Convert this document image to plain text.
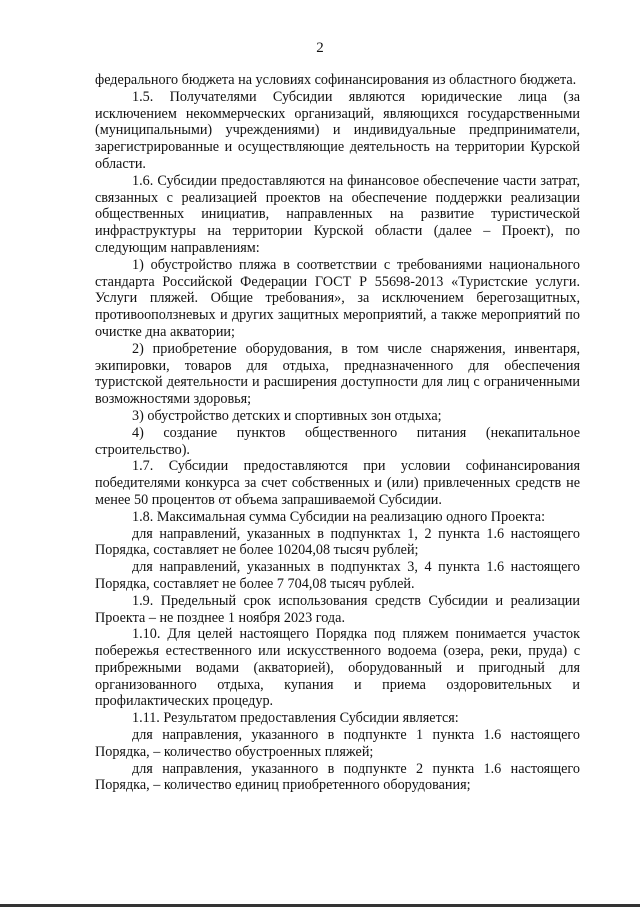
2

федерального бюджета на условиях софинансирования из областного бюджета.

1.5. Получателями Субсидии являются юридические лица (за исключением некоммерческих организаций, являющихся государственными (муниципальными) учреждениями) и индивидуальные предприниматели, зарегистрированные и осуществляющие деятельность на территории Курской области.

1.6. Субсидии предоставляются на финансовое обеспечение части затрат, связанных с реализацией проектов на обеспечение поддержки реализации общественных инициатив, направленных на развитие туристической инфраструктуры на территории Курской области (далее – Проект), по следующим направлениям:

1) обустройство пляжа в соответствии с требованиями национального стандарта Российской Федерации ГОСТ Р 55698-2013 «Туристские услуги. Услуги пляжей. Общие требования», за исключением берегозащитных, противооползневых и других защитных мероприятий, а также мероприятий по очистке дна акватории;

2) приобретение оборудования, в том числе снаряжения, инвентаря, экипировки, товаров для отдыха, предназначенного для обеспечения туристской деятельности и расширения доступности для лиц с ограниченными возможностями здоровья;

3) обустройство детских и спортивных зон отдыха;

4) создание пунктов общественного питания (некапитальное строительство).

1.7. Субсидии предоставляются при условии софинансирования победителями конкурса за счет собственных и (или) привлеченных средств не менее 50 процентов от объема запрашиваемой Субсидии.

1.8. Максимальная сумма Субсидии на реализацию одного Проекта:

для направлений, указанных в подпунктах 1, 2 пункта 1.6 настоящего Порядка, составляет не более 10204,08 тысяч рублей;

для направлений, указанных в подпунктах 3, 4 пункта 1.6 настоящего Порядка, составляет не более 7 704,08 тысяч рублей.

1.9. Предельный срок использования средств Субсидии и реализации Проекта – не позднее 1 ноября 2023 года.

1.10. Для целей настоящего Порядка под пляжем понимается участок побережья естественного или искусственного водоема (озера, реки, пруда) с прибрежными водами (акваторией), оборудованный и пригодный для организованного отдыха, купания и приема оздоровительных и профилактических процедур.

1.11. Результатом предоставления Субсидии является:

для направления, указанного в подпункте 1 пункта 1.6 настоящего Порядка, – количество обустроенных пляжей;

для направления, указанного в подпункте 2 пункта 1.6 настоящего Порядка, – количество единиц приобретенного оборудования;
